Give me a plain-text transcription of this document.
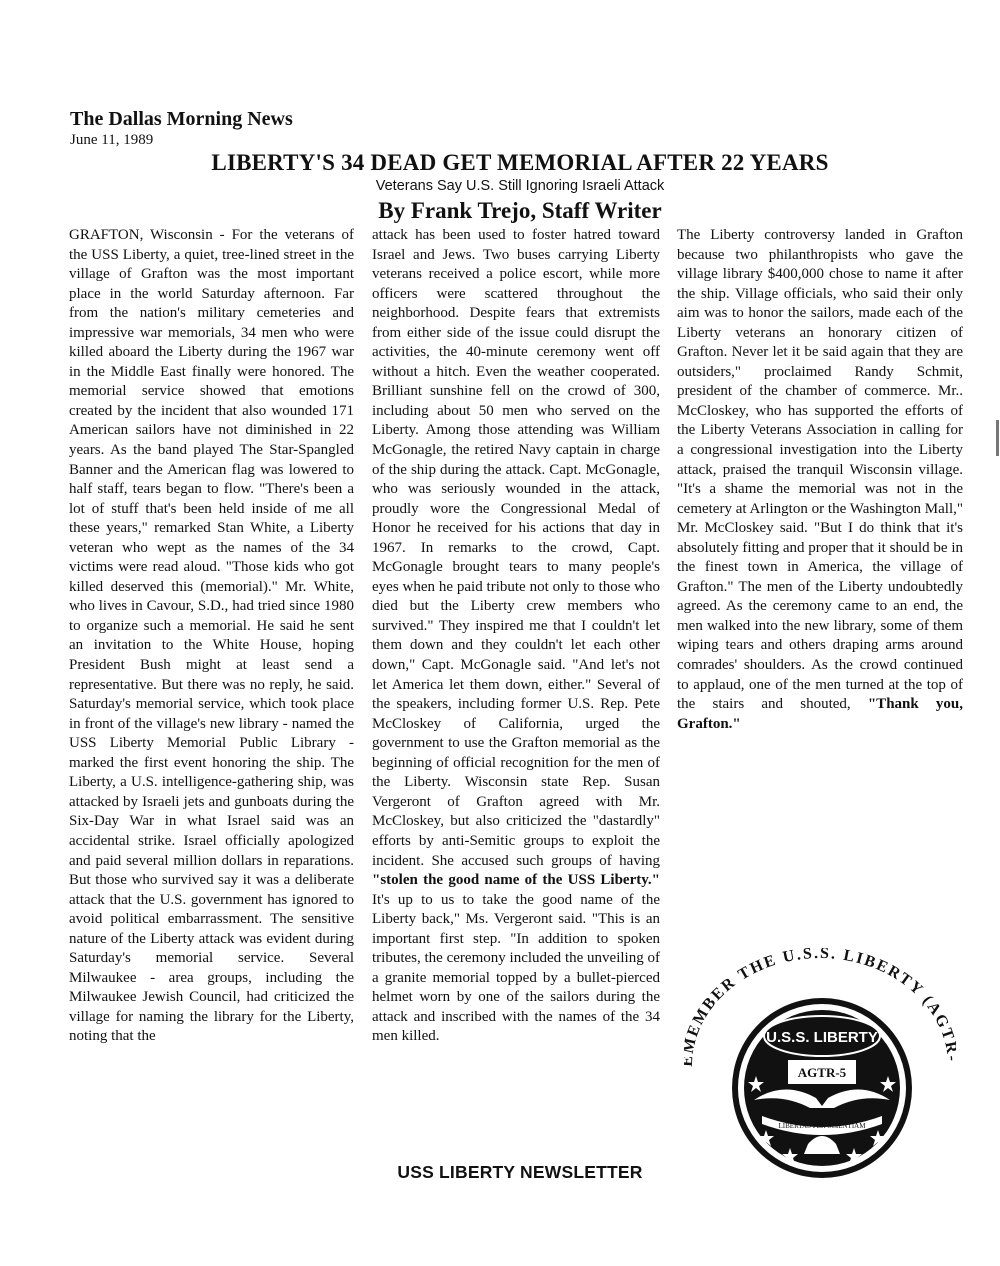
The Dallas Morning News
June 11, 1989
LIBERTY'S 34 DEAD GET MEMORIAL AFTER 22 YEARS
Veterans Say U.S. Still Ignoring Israeli Attack
By Frank Trejo, Staff Writer

GRAFTON, Wisconsin - For the veterans of the USS Liberty, a quiet, tree-lined street in the village of Grafton was the most important place in the world Saturday afternoon. Far from the nation's military cemeteries and impressive war memorials, 34 men who were killed aboard the Liberty during the 1967 war in the Middle East finally were honored. The memorial service showed that emotions created by the incident that also wounded 171 American sailors have not diminished in 22 years. As the band played The Star-Spangled Banner and the American flag was lowered to half staff, tears began to flow. "There's been a lot of stuff that's been held inside of me all these years," remarked Stan White, a Liberty veteran who wept as the names of the 34 victims were read aloud. "Those kids who got killed deserved this (memorial)." Mr. White, who lives in Cavour, S.D., had tried since 1980 to organize such a memorial. He said he sent an invitation to the White House, hoping President Bush might at least send a representative. But there was no reply, he said. Saturday's memorial service, which took place in front of the village's new library - named the USS Liberty Memorial Public Library - marked the first event honoring the ship. The Liberty, a U.S. intelligence-gathering ship, was attacked by Israeli jets and gunboats during the Six-Day War in what Israel said was an accidental strike. Israel officially apologized and paid several million dollars in reparations. But those who survived say it was a deliberate attack that the U.S. government has ignored to avoid political embarrassment. The sensitive nature of the Liberty attack was evident during Saturday's memorial service. Several Milwaukee - area groups, including the Milwaukee Jewish Council, had criticized the village for naming the library for the Liberty, noting that the

attack has been used to foster hatred toward Israel and Jews. Two buses carrying Liberty veterans received a police escort, while more officers were scattered throughout the neighborhood. Despite fears that extremists from either side of the issue could disrupt the activities, the 40-minute ceremony went off without a hitch. Even the weather cooperated. Brilliant sunshine fell on the crowd of 300, including about 50 men who served on the Liberty. Among those attending was William McGonagle, the retired Navy captain in charge of the ship during the attack. Capt. McGonagle, who was seriously wounded in the attack, proudly wore the Congressional Medal of Honor he received for his actions that day in 1967. In remarks to the crowd, Capt. McGonagle brought tears to many people's eyes when he paid tribute not only to those who died but the Liberty crew members who survived." They inspired me that I couldn't let them down and they couldn't let each other down," Capt. McGonagle said. "And let's not let America let them down, either." Several of the speakers, including former U.S. Rep. Pete McCloskey of California, urged the government to use the Grafton memorial as the beginning of official recognition for the men of the Liberty. Wisconsin state Rep. Susan Vergeront of Grafton agreed with Mr. McCloskey, but also criticized the "dastardly" efforts by anti-Semitic groups to exploit the incident. She accused such groups of having "stolen the good name of the USS Liberty." It's up to us to take the good name of the Liberty back," Ms. Vergeront said. "This is an important first step. "In addition to spoken tributes, the ceremony included the unveiling of a granite memorial topped by a bullet-pierced helmet worn by one of the sailors during the attack and inscribed with the names of the 34 men killed.

The Liberty controversy landed in Grafton because two philanthropists who gave the village library $400,000 chose to name it after the ship. Village officials, who said their only aim was to honor the sailors, made each of the Liberty veterans an honorary citizen of Grafton. Never let it be said again that they are outsiders," proclaimed Randy Schmit, president of the chamber of commerce. Mr.. McCloskey, who has supported the efforts of the Liberty Veterans Association in calling for a congressional investigation into the Liberty attack, praised the tranquil Wisconsin village. "It's a shame the memorial was not in the cemetery at Arlington or the Washington Mall," Mr. McCloskey said. "But I do think that it's absolutely fitting and proper that it should be in the finest town in America, the village of Grafton." The men of the Liberty undoubtedly agreed. As the ceremony came to an end, the men walked into the new library, some of them wiping tears and others draping arms around comrades' shoulders. As the crowd continued to applaud, one of the men turned at the top of the stairs and shouted, "Thank you, Grafton."

USS LIBERTY NEWSLETTER
EMBER THE U.S.S. LIBERTY (AGT
U.S.S. LIBERTY
AGTR-5
LIBERTAS PER SCIENTIAM
